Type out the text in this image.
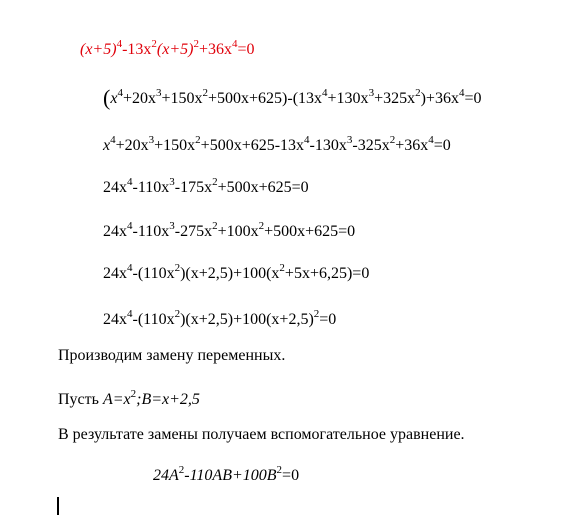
$(x+5)^4-13x^2(x+5)^2+36x^4=0$
$(x^4+20x^3+150x^2+500x+625)-(13x^4+130x^3+325x^2)+36x^4=0$
$x^4+20x^3+150x^2+500x+625-13x^4-130x^3-325x^2+36x^4=0$
$24x^4-110x^3-175x^2+500x+625=0$
$24x^4-110x^3-275x^2+100x^2+500x+625=0$
$24x^4-(110x^2)(x+2,5)+100(x^2+5x+6,25)=0$
$24x^4-(110x^2)(x+2,5)+100(x+2,5)^2=0$
Производим замену переменных.
Пусть $A=x^2;B=x+2,5$
В результате замены получаем вспомогательное уравнение.
$24A^2-110AB+100B^2=0$
